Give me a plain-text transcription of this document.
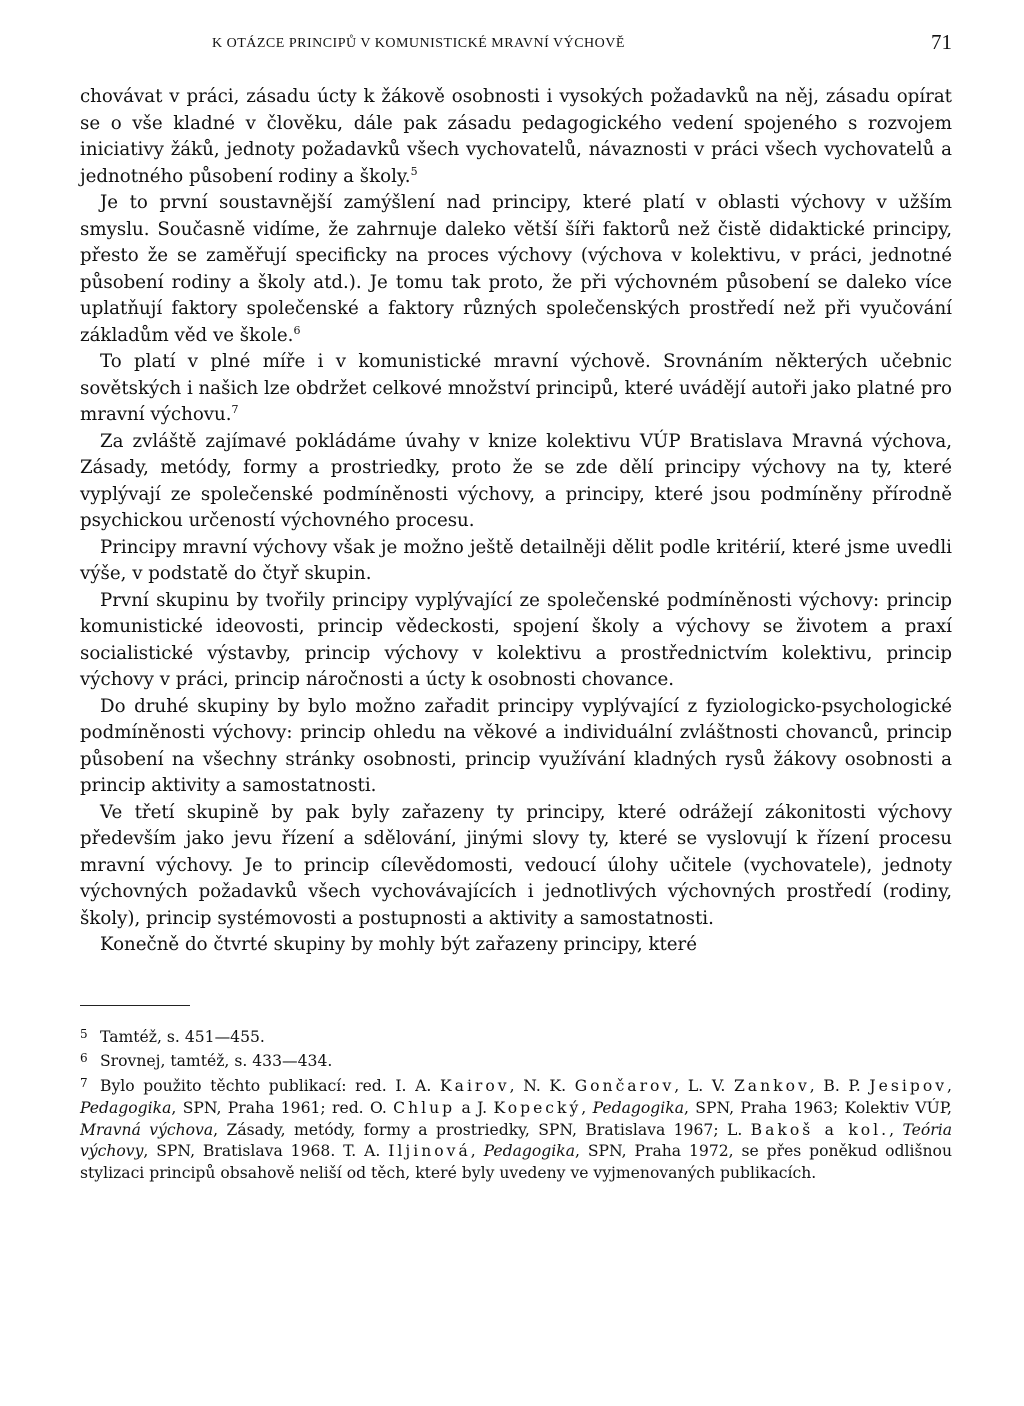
K OTÁZCE PRINCIPŮ V KOMUNISTICKÉ MRAVNÍ VÝCHOVĚ	71

chovávat v práci, zásadu úcty k žákově osobnosti i vysokých požadavků na něj, zásadu opírat se o vše kladné v člověku, dále pak zásadu pedagogického vedení spojeného s rozvojem iniciativy žáků, jednoty požadavků všech vychovatelů, návaznosti v práci všech vychovatelů a jednotného působení rodiny a školy.$^5$

Je to první soustavnější zamýšlení nad principy, které platí v oblasti výchovy v užším smyslu. Současně vidíme, že zahrnuje daleko větší šíři faktorů než čistě didaktické principy, přesto že se zaměřují specificky na proces výchovy (výchova v kolektivu, v práci, jednotné působení rodiny a školy atd.). Je tomu tak proto, že při výchovném působení se daleko více uplatňují faktory společenské a faktory různých společenských prostředí než při vyučování základům věd ve škole.$^6$

To platí v plné míře i v komunistické mravní výchově. Srovnáním některých učebnic sovětských i našich lze obdržet celkové množství principů, které uvádějí autoři jako platné pro mravní výchovu.$^7$

Za zvláště zajímavé pokládáme úvahy v knize kolektivu VÚP Bratislava Mravná výchova, Zásady, metódy, formy a prostriedky, proto že se zde dělí principy výchovy na ty, které vyplývají ze společenské podmíněnosti výchovy, a principy, které jsou podmíněny přírodně psychickou určeností výchovného procesu.

Principy mravní výchovy však je možno ještě detailněji dělit podle kritérií, které jsme uvedli výše, v podstatě do čtyř skupin.

První skupinu by tvořily principy vyplývající ze společenské podmíněnosti výchovy: princip komunistické ideovosti, princip vědeckosti, spojení školy a výchovy se životem a praxí socialistické výstavby, princip výchovy v kolektivu a prostřednictvím kolektivu, princip výchovy v práci, princip náročnosti a úcty k osobnosti chovance.

Do druhé skupiny by bylo možno zařadit principy vyplývající z fyziologicko-psychologické podmíněnosti výchovy: princip ohledu na věkové a individuální zvláštnosti chovanců, princip působení na všechny stránky osobnosti, princip využívání kladných rysů žákovy osobnosti a princip aktivity a samostatnosti.

Ve třetí skupině by pak byly zařazeny ty principy, které odrážejí zákonitosti výchovy především jako jevu řízení a sdělování, jinými slovy ty, které se vyslovují k řízení procesu mravní výchovy. Je to princip cílevědomosti, vedoucí úlohy učitele (vychovatele), jednoty výchovných požadavků všech vychovávajících i jednotlivých výchovných prostředí (rodiny, školy), princip systémovosti a postupnosti a aktivity a samostatnosti.

Konečně do čtvrté skupiny by mohly být zařazeny principy, které

5 Tamtéž, s. 451—455.

6 Srovnej, tamtéž, s. 433—434.

7 Bylo použito těchto publikací: red. I. A. Kairov, N. K. Gončarov, L. V. Zankov, B. P. Jesipov, Pedagogika, SPN, Praha 1961; red. O. Chlup a J. Kopecký, Pedagogika, SPN, Praha 1963; Kolektiv VÚP, Mravná výchova, Zásady, metódy, formy a prostriedky, SPN, Bratislava 1967; L. Bakoš a kol., Teória výchovy, SPN, Bratislava 1968. T. A. Iljinová, Pedagogika, SPN, Praha 1972, se přes poněkud odlišnou stylizaci principů obsahově neliší od těch, které byly uvedeny ve vyjmenovaných publikacích.
